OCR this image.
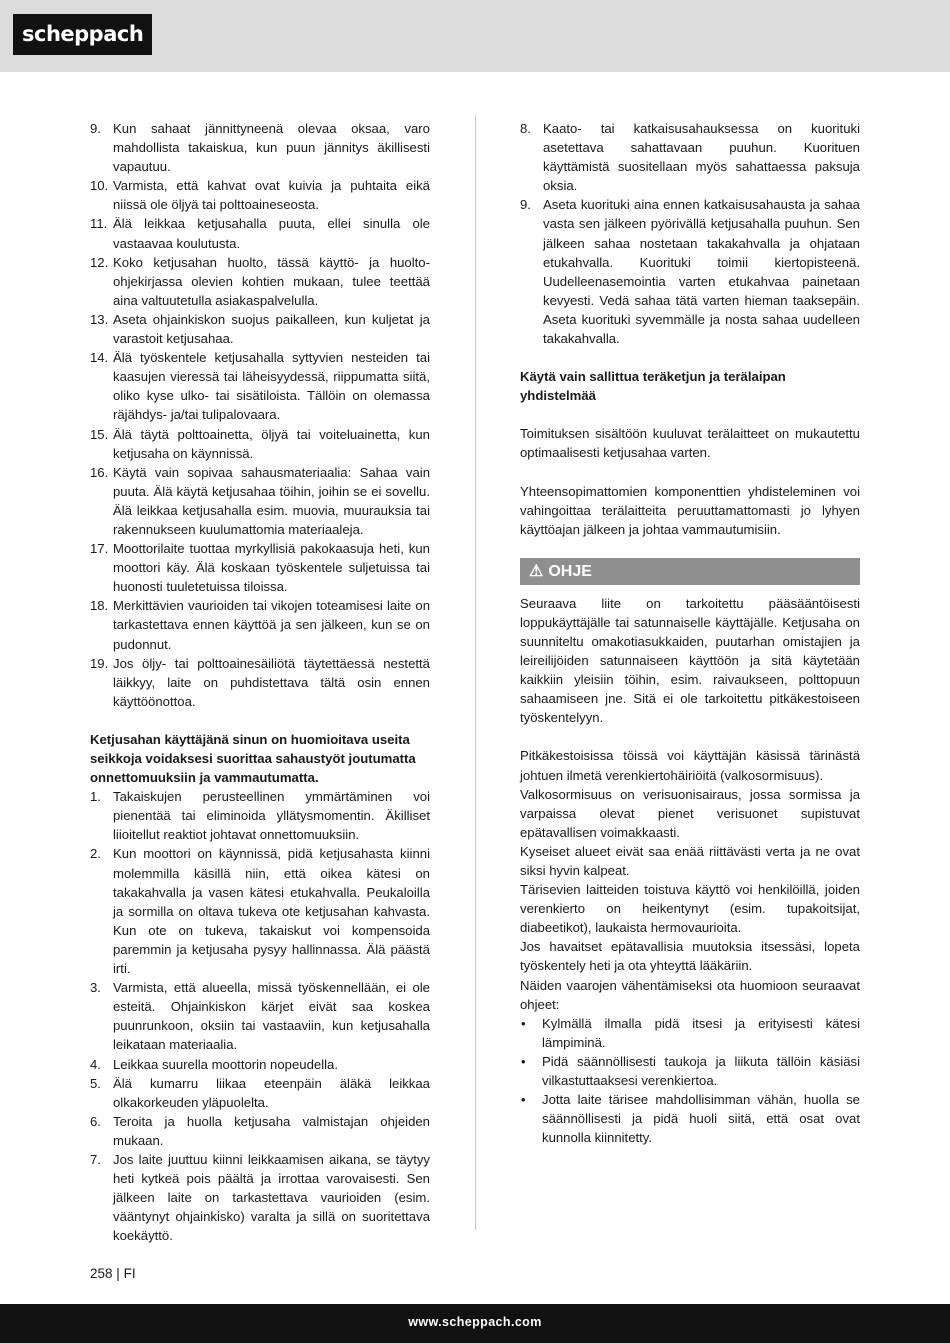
scheppach
9. Kun sahaat jännittyneenä olevaa oksaa, varo mahdollista takaiskua, kun puun jännitys äkillisesti vapautuu.
10. Varmista, että kahvat ovat kuivia ja puhtaita eikä niissä ole öljyä tai polttoaineseosta.
11. Älä leikkaa ketjusahalla puuta, ellei sinulla ole vastaavaa koulutusta.
12. Koko ketjusahan huolto, tässä käyttö- ja huolto-ohjekirjassa olevien kohtien mukaan, tulee teettää aina valtuutetulla asiakaspalvelulla.
13. Aseta ohjainkiskon suojus paikalleen, kun kuljetat ja varastoit ketjusahaa.
14. Älä työskentele ketjusahalla syttyvien nesteiden tai kaasujen vieressä tai läheisyydessä, riippumatta siitä, oliko kyse ulko- tai sisätiloista. Tällöin on olemassa räjähdys- ja/tai tulipalovaara.
15. Älä täytä polttoainetta, öljyä tai voiteluainetta, kun ketjusaha on käynnissä.
16. Käytä vain sopivaa sahausmateriaalia: Sahaa vain puuta. Älä käytä ketjusahaa töihin, joihin se ei sovellu. Älä leikkaa ketjusahalla esim. muovia, muurauksia tai rakennukseen kuulumattomia materiaaleja.
17. Moottorilaite tuottaa myrkyllisiä pakokaasuja heti, kun moottori käy. Älä koskaan työskentele suljetuissa tai huonosti tuuletetuissa tiloissa.
18. Merkittävien vaurioiden tai vikojen toteamisesi laite on tarkastettava ennen käyttöä ja sen jälkeen, kun se on pudonnut.
19. Jos öljy- tai polttoainesäiliötä täytettäessä nestettä läikkyy, laite on puhdistettava tältä osin ennen käyttöönottoa.
Ketjusahan käyttäjänä sinun on huomioitava useita seikkoja voidaksesi suorittaa sahaustyöt joutumatta onnettomuuksiin ja vammautumatta.
1. Takaiskujen perusteellinen ymmärtäminen voi pienentää tai eliminoida yllätysmomentin. Äkilliset liioitellut reaktiot johtavat onnettomuuksiin.
2. Kun moottori on käynnissä, pidä ketjusahasta kiinni molemmilla käsillä niin, että oikea kätesi on takakahvalla ja vasen kätesi etukahvalla. Peukaloilla ja sormilla on oltava tukeva ote ketjusahan kahvasta. Kun ote on tukeva, takaiskut voi kompensoida paremmin ja ketjusaha pysyy hallinnassa. Älä päästä irti.
3. Varmista, että alueella, missä työskennellään, ei ole esteitä. Ohjainkiskon kärjet eivät saa koskea puunrunkoon, oksiin tai vastaaviin, kun ketjusahalla leikataan materiaalia.
4. Leikkaa suurella moottorin nopeudella.
5. Älä kumarru liikaa eteenpäin äläkä leikkaa olkakorkeuden yläpuolelta.
6. Teroita ja huolla ketjusaha valmistajan ohjeiden mukaan.
7. Jos laite juuttuu kiinni leikkaamisen aikana, se täytyy heti kytkeä pois päältä ja irrottaa varovaisesti. Sen jälkeen laite on tarkastettava vaurioiden (esim. vääntynyt ohjainkisko) varalta ja sillä on suoritettava koekäyttö.
8. Kaato- tai katkaisusahauksessa on kuorituki asetettava sahattavaan puuhun. Kuorituen käyttämistä suositellaan myös sahattaessa paksuja oksia.
9. Aseta kuorituki aina ennen katkaisusahausta ja sahaa vasta sen jälkeen pyörivällä ketjusahalla puuhun. Sen jälkeen sahaa nostetaan takakahvalla ja ohjataan etukahvalla. Kuorituki toimii kiertopisteenä. Uudelleenasemointia varten etukahvaa painetaan kevyesti. Vedä sahaa tätä varten hieman taaksepäin. Aseta kuorituki syvemmälle ja nosta sahaa uudelleen takakahvalla.
Käytä vain sallittua teräketjun ja terälaipan yhdistelmää
Toimituksen sisältöön kuuluvat terälaitteet on mukautettu optimaalisesti ketjusahaa varten.
Yhteensopimattomien komponenttien yhdisteleminen voi vahingoittaa terälaitteita peruuttamattomasti jo lyhyen käyttöajan jälkeen ja johtaa vammautumisiin.
⚠ OHJE
Seuraava liite on tarkoitettu pääsääntöisesti loppukäyttäjälle tai satunnaiselle käyttäjälle. Ketjusaha on suunniteltu omakotiasukkaiden, puutarhan omistajien ja leireilijöiden satunnaiseen käyttöön ja sitä käytetään kaikkiin yleisiin töihin, esim. raivaukseen, polttopuun sahaamiseen jne. Sitä ei ole tarkoitettu pitkäkestoiseen työskentelyyn.
Pitkäkestoisissa töissä voi käyttäjän käsissä tärinästä johtuen ilmetä verenkiertohäiriöitä (valkosormisuus).
Valkosormisuus on verisuonisairaus, jossa sormissa ja varpaissa olevat pienet verisuonet supistuvat epätavallisen voimakkaasti.
Kyseiset alueet eivät saa enää riittävästi verta ja ne ovat siksi hyvin kalpeat.
Tärisevien laitteiden toistuva käyttö voi henkilöillä, joiden verenkierto on heikentynyt (esim. tupakoitsijat, diabeetikot), laukaista hermovaurioita.
Jos havaitset epätavallisia muutoksia itsessäsi, lopeta työskentely heti ja ota yhteyttä lääkäriin.
Näiden vaarojen vähentämiseksi ota huomioon seuraavat ohjeet:
•	Kylmällä ilmalla pidä itsesi ja erityisesti kätesi lämpiminä.
•	Pidä säännöllisesti taukoja ja liikuta tällöin käsiäsi vilkastuttaaksesi verenkiertoa.
•	Jotta laite tärisee mahdollisimman vähän, huolla se säännöllisesti ja pidä huoli siitä, että osat ovat kunnolla kiinnitetty.
258 | FI
www.scheppach.com
